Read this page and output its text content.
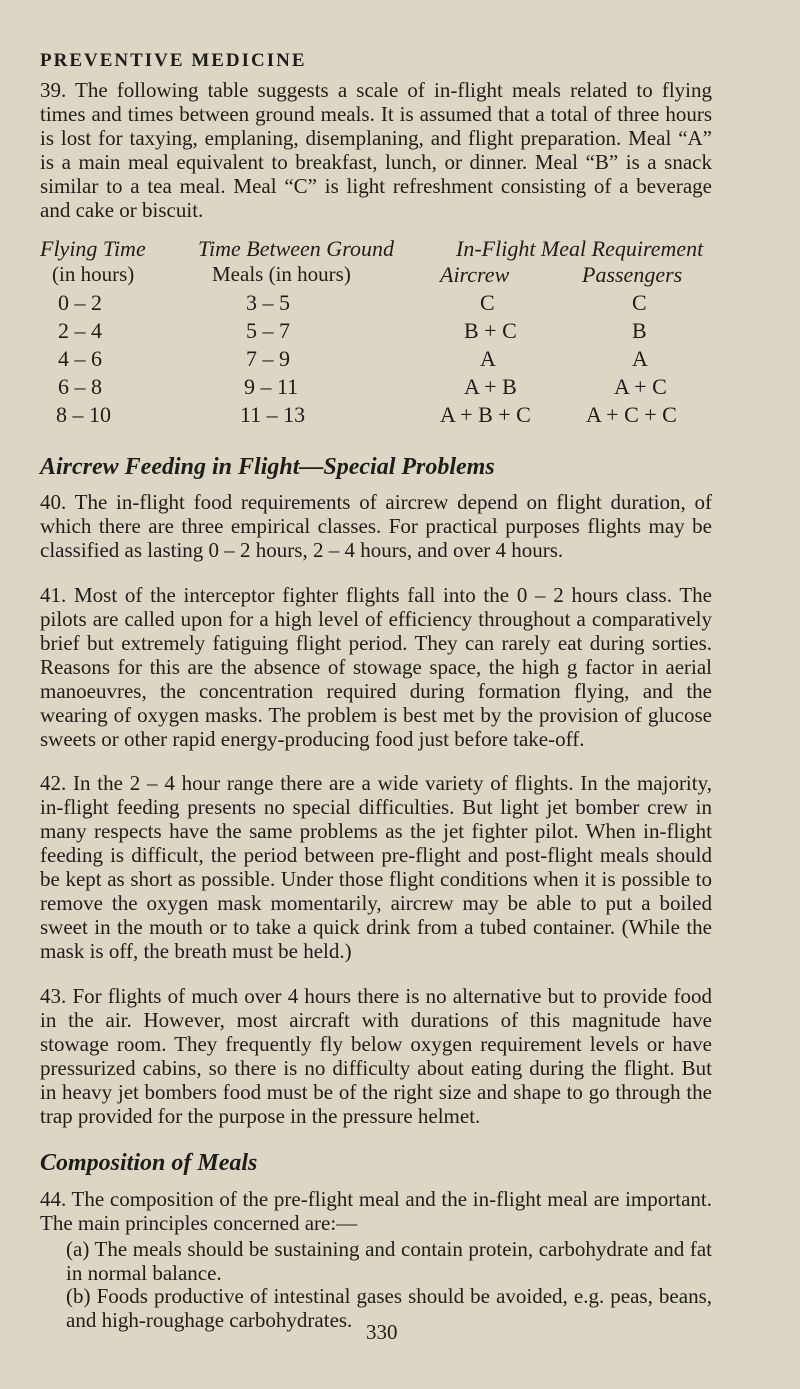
PREVENTIVE MEDICINE

39. The following table suggests a scale of in-flight meals related to flying times and times between ground meals. It is assumed that a total of three hours is lost for taxying, emplaning, disemplaning, and flight preparation. Meal “A” is a main meal equivalent to breakfast, lunch, or dinner. Meal “B” is a snack similar to a tea meal. Meal “C” is light refreshment consisting of a beverage and cake or biscuit.

Flying Time
(in hours)
Time Between Ground
Meals (in hours)
In-Flight Meal Requirement
Aircrew	Passengers
0 – 2	3 – 5	C	C
2 – 4	5 – 7	B + C	B
4 – 6	7 – 9	A	A
6 – 8	9 – 11	A + B	A + C
8 – 10	11 – 13	A + B + C	A + C + C
Aircrew Feeding in Flight—Special Problems

40. The in-flight food requirements of aircrew depend on flight duration, of which there are three empirical classes. For practical purposes flights may be classified as lasting 0 – 2 hours, 2 – 4 hours, and over 4 hours.

41. Most of the interceptor fighter flights fall into the 0 – 2 hours class. The pilots are called upon for a high level of efficiency throughout a comparatively brief but extremely fatiguing flight period. They can rarely eat during sorties. Reasons for this are the absence of stowage space, the high g factor in aerial manoeuvres, the concentration required during formation flying, and the wearing of oxygen masks. The problem is best met by the provision of glucose sweets or other rapid energy-producing food just before take-off.

42. In the 2 – 4 hour range there are a wide variety of flights. In the majority, in-flight feeding presents no special difficulties. But light jet bomber crew in many respects have the same problems as the jet fighter pilot. When in-flight feeding is difficult, the period between pre-flight and post-flight meals should be kept as short as possible. Under those flight conditions when it is possible to remove the oxygen mask momentarily, aircrew may be able to put a boiled sweet in the mouth or to take a quick drink from a tubed container. (While the mask is off, the breath must be held.)

43. For flights of much over 4 hours there is no alternative but to provide food in the air. However, most aircraft with durations of this magnitude have stowage room. They frequently fly below oxygen requirement levels or have pressurized cabins, so there is no difficulty about eating during the flight. But in heavy jet bombers food must be of the right size and shape to go through the trap provided for the purpose in the pressure helmet.

Composition of Meals

44. The composition of the pre-flight meal and the in-flight meal are important. The main principles concerned are:—

(a) The meals should be sustaining and contain protein, carbohydrate and fat in normal balance.

(b) Foods productive of intestinal gases should be avoided, e.g. peas, beans, and high-roughage carbohydrates. 330
